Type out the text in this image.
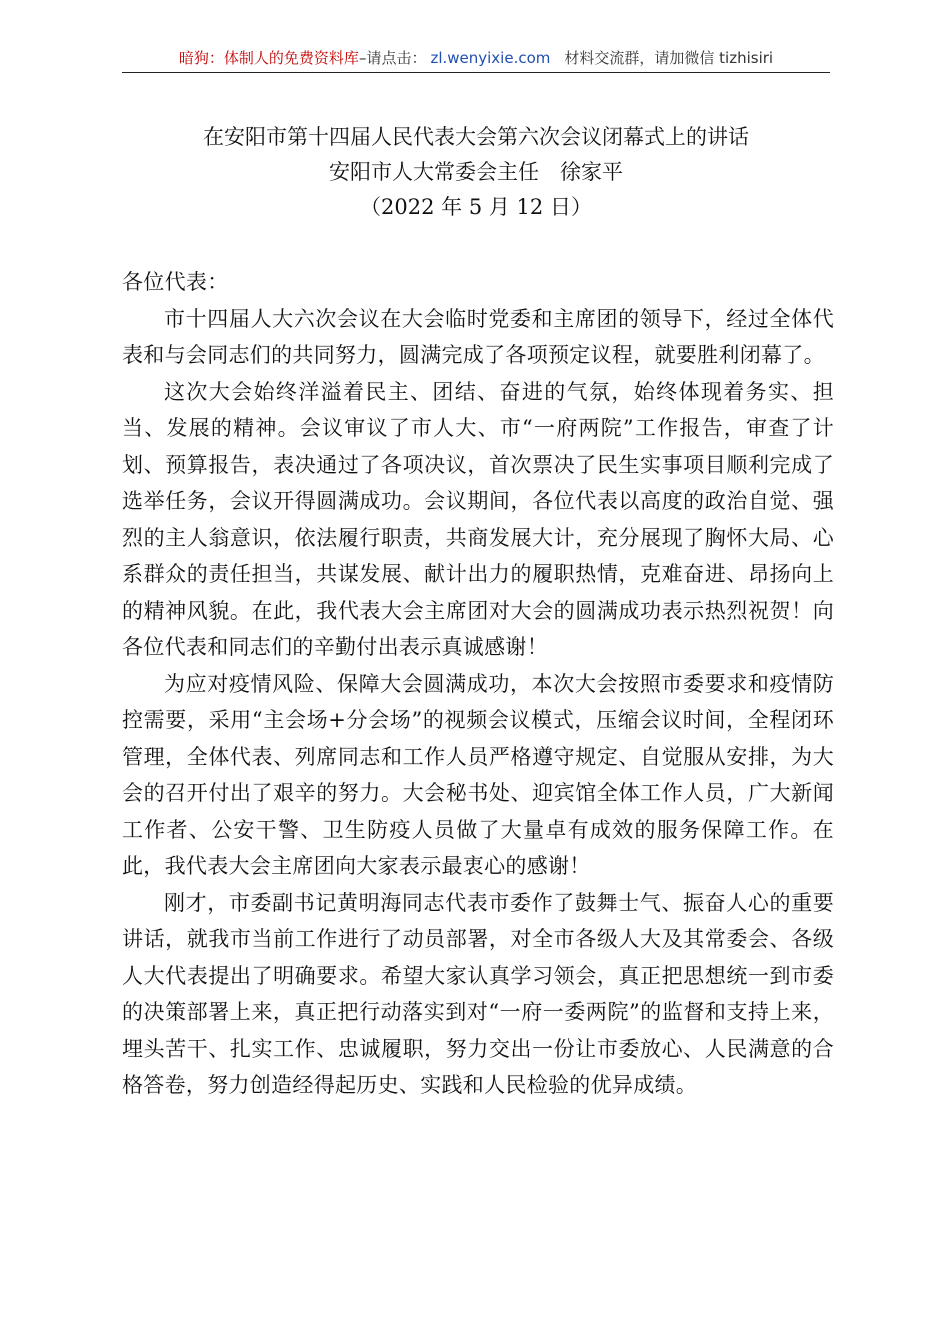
暗狗：体制人的免费资料库 –请点击： zl.wenyixie.com 材料交流群，请加微信 tizhisiri
在安阳市第十四届人民代表大会第六次会议闭幕式上的讲话
安阳市人大常委会主任　徐家平
（2022 年 5 月 12 日）

各位代表：

市十四届人大六次会议在大会临时党委和主席团的领导下，经过全体代表和与会同志们的共同努力，圆满完成了各项预定议程，就要胜利闭幕了。

这次大会始终洋溢着民主、团结、奋进的气氛，始终体现着务实、担当、发展的精神。会议审议了市人大、市“一府两院”工作报告，审查了计划、预算报告，表决通过了各项决议，首次票决了民生实事项目顺利完成了选举任务，会议开得圆满成功。会议期间，各位代表以高度的政治自觉、强烈的主人翁意识，依法履行职责，共商发展大计，充分展现了胸怀大局、心系群众的责任担当，共谋发展、献计出力的履职热情，克难奋进、昂扬向上的精神风貌。在此，我代表大会主席团对大会的圆满成功表示热烈祝贺！向各位代表和同志们的辛勤付出表示真诚感谢！

为应对疫情风险、保障大会圆满成功，本次大会按照市委要求和疫情防控需要，采用“主会场+分会场”的视频会议模式，压缩会议时间，全程闭环管理，全体代表、列席同志和工作人员严格遵守规定、自觉服从安排，为大会的召开付出了艰辛的努力。大会秘书处、迎宾馆全体工作人员，广大新闻工作者、公安干警、卫生防疫人员做了大量卓有成效的服务保障工作。在此，我代表大会主席团向大家表示最衷心的感谢！

刚才，市委副书记黄明海同志代表市委作了鼓舞士气、振奋人心的重要讲话，就我市当前工作进行了动员部署，对全市各级人大及其常委会、各级人大代表提出了明确要求。希望大家认真学习领会，真正把思想统一到市委的决策部署上来，真正把行动落实到对“一府一委两院”的监督和支持上来，埋头苦干、扎实工作、忠诚履职，努力交出一份让市委放心、人民满意的合格答卷，努力创造经得起历史、实践和人民检验的优异成绩。
